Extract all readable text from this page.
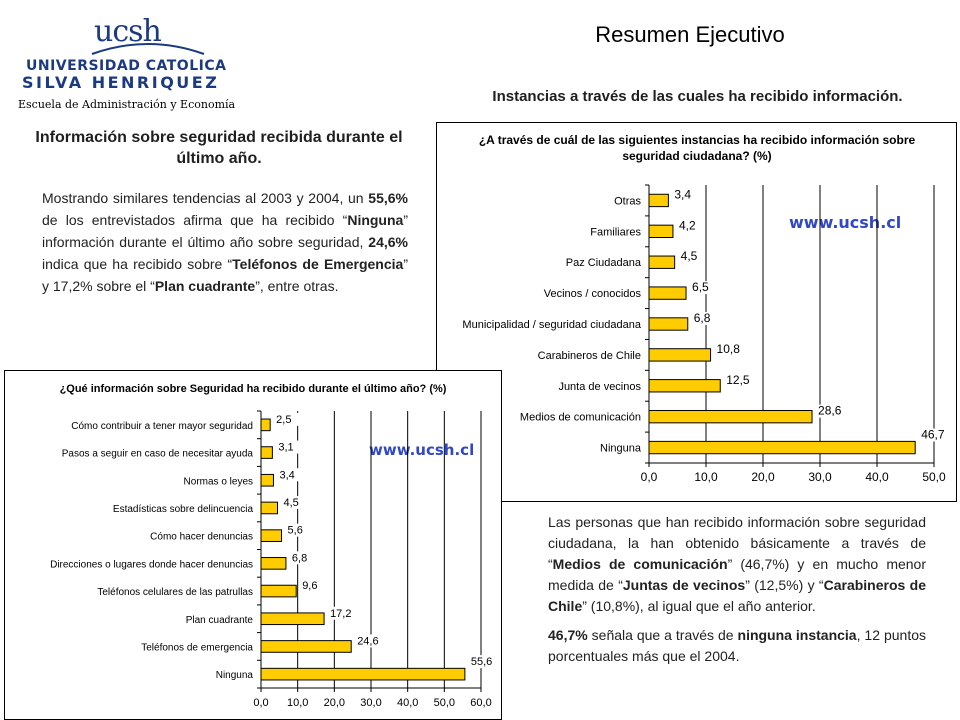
ucsh
UNIVERSIDAD CATOLICA
SILVA HENRIQUEZ
Escuela de Administración y Economía
Resumen Ejecutivo
Instancias a través de las cuales ha recibido información.
Información sobre seguridad recibida durante el último año.
Mostrando similares tendencias al 2003 y 2004, un 55,6% de los entrevistados afirma que ha recibido “Ninguna” información durante el último año sobre seguridad, 24,6% indica que ha recibido sobre “Teléfonos de Emergencia” y 17,2% sobre el “Plan cuadrante”, entre otras.

Las personas que han recibido información sobre seguridad ciudadana, la han obtenido básicamente a través de “Medios de comunicación” (46,7%) y en mucho menor medida de “Juntas de vecinos” (12,5%) y “Carabineros de Chile” (10,8%), al igual que el año anterior.

46,7% señala que a través de ninguna instancia, 12 puntos porcentuales más que el 2004.

¿A través de cuál de las siguientes instancias ha recibido información sobre seguridad ciudadana? (%)
www.ucsh.cl
0,0	10,0	20,0	30,0	40,0	50,0
Otras	3,4
Familiares	4,2
Paz Ciudadana	4,5
Vecinos / conocidos	6,5
Municipalidad / seguridad ciudadana	6,8
Carabineros de Chile	10,8
Junta de vecinos	12,5
Medios de comunicación	28,6
Ninguna
46,7
¿Qué información sobre Seguridad ha recibido durante el último año? (%)
www.ucsh.cl
0,0 10,0 20,0 30,0 40,0 50,0 60,0
Cómo contribuir a tener mayor seguridad
2,5
Pasos a seguir en caso de necesitar ayuda
3,1
Normas o leyes
3,4
Estadísticas sobre delincuencia
4,5
Cómo hacer denuncias
5,6
Direcciones o lugares donde hacer denuncias
6,8
Teléfonos celulares de las patrullas
9,6
Plan cuadrante
17,2
Teléfonos de emergencia
24,6
Ninguna
55,6
